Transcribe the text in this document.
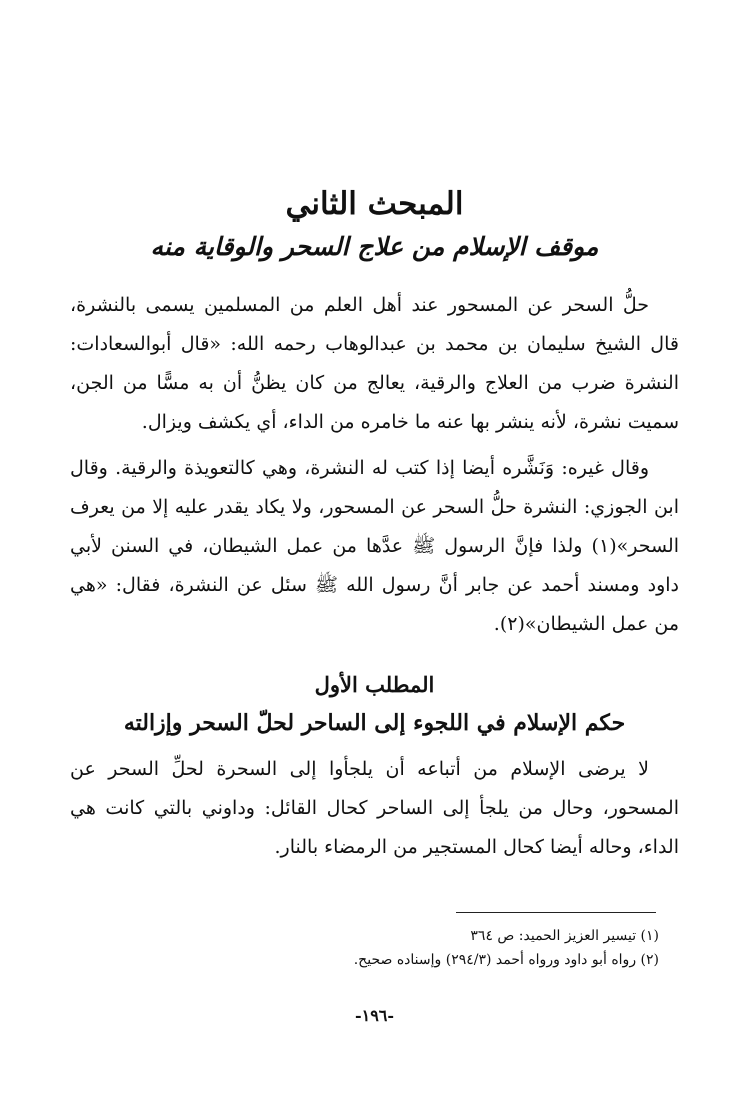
المبحث الثاني
موقف الإسلام من علاج السحر والوقاية منه

حلُّ السحر عن المسحور عند أهل العلم من المسلمين يسمى بالنشرة، قال الشيخ سليمان بن محمد بن عبدالوهاب رحمه الله: «قال أبوالسعادات: النشرة ضرب من العلاج والرقية، يعالج من كان يظنُّ أن به مسًّا من الجن، سميت نشرة، لأنه ينشر بها عنه ما خامره من الداء، أي يكشف ويزال.

وقال غيره: وَنَشَّره أيضا إذا كتب له النشرة، وهي كالتعويذة والرقية. وقال ابن الجوزي: النشرة حلُّ السحر عن المسحور، ولا يكاد يقدر عليه إلا من يعرف السحر»(١) ولذا فإنَّ الرسول ﷺ عدَّها من عمل الشيطان، في السنن لأبي داود ومسند أحمد عن جابر أنَّ رسول الله ﷺ سئل عن النشرة، فقال: «هي من عمل الشيطان»(٢).

المطلب الأول
حكم الإسلام في اللجوء إلى الساحر لحلّ السحر وإزالته

لا يرضى الإسلام من أتباعه أن يلجأوا إلى السحرة لحلِّ السحر عن المسحور، وحال من يلجأ إلى الساحر كحال القائل: وداوني بالتي كانت هي الداء، وحاله أيضا كحال المستجير من الرمضاء بالنار.

(١) تيسير العزيز الحميد: ص ٣٦٤
(٢) رواه أبو داود ورواه أحمد (٢٩٤/٣) وإسناده صحيح.
-١٩٦-
